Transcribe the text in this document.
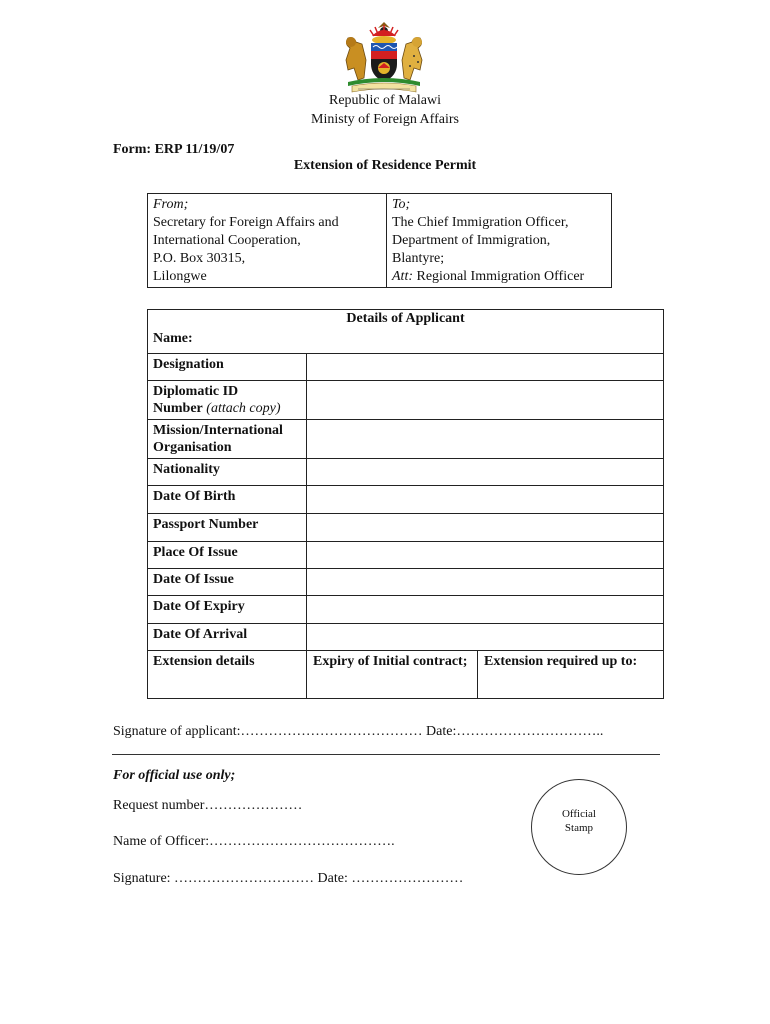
Republic of Malawi
Ministy of Foreign Affairs
Form: ERP 11/19/07
Extension of Residence Permit
From;
Secretary for Foreign Affairs and
International Cooperation,
P.O. Box 30315,
Lilongwe

To;
The Chief Immigration Officer,
Department of Immigration,
Blantyre;
Att: Regional Immigration Officer
Details of Applicant		
Name:		
Designation		

Diplomatic ID
Number (attach copy)		

Mission/International Organisation		
Nationality		
Date Of Birth		
Passport Number		
Place Of Issue		
Date Of Issue		
Date Of Expiry		
Date Of Arrival		
Extension details	Expiry of Initial contract;	Extension required up to:
Signature of applicant:………………………………… Date:…………………………..
For official use only;
Request number…………………
Name of Officer:………………………………….
Signature: ………………………… Date: ……………………
Official
Stamp
